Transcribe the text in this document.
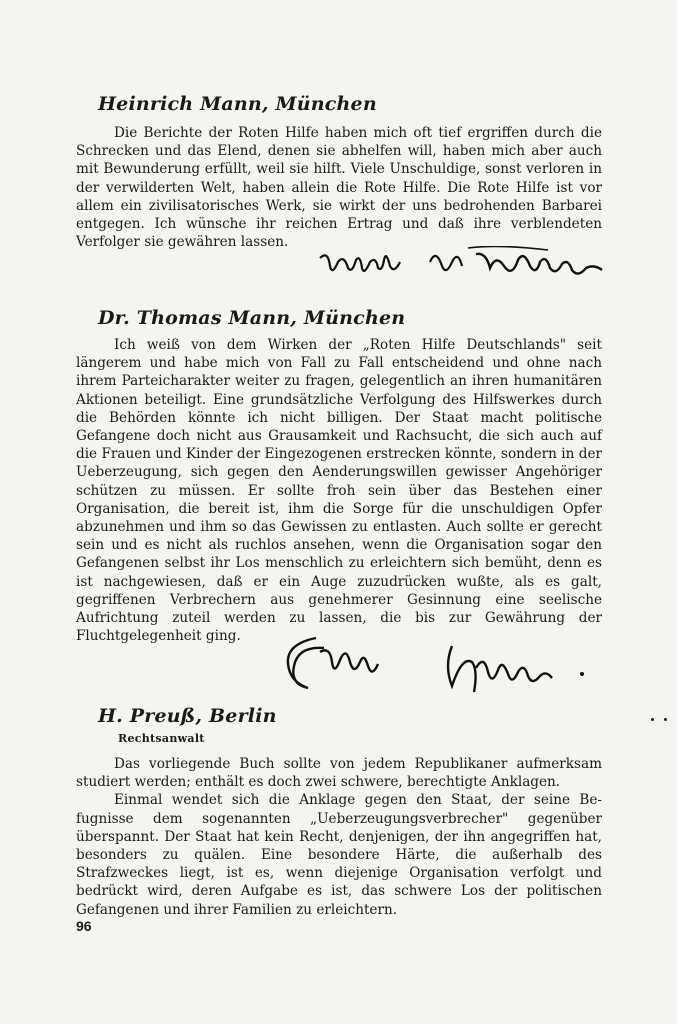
Heinrich Mann, München

Die Berichte der Roten Hilfe haben mich oft tief ergriffen durch die Schrecken und das Elend, denen sie abhelfen will, haben mich aber auch mit Bewunderung erfüllt, weil sie hilft. Viele Unschuldige, sonst verloren in der verwilderten Welt, haben allein die Rote Hilfe. Die Rote Hilfe ist vor allem ein zivilisatorisches Werk, sie wirkt der uns bedrohenden Barbarei entgegen. Ich wünsche ihr reichen Ertrag und daß ihre verblendeten Verfolger sie gewähren lassen.

Dr. Thomas Mann, München

Ich weiß von dem Wirken der „Roten Hilfe Deutschlands" seit längerem und habe mich von Fall zu Fall entscheidend und ohne nach ihrem Parteicharakter weiter zu fragen, gelegentlich an ihren humanitären Aktionen beteiligt. Eine grundsätzliche Verfolgung des Hilfswerkes durch die Behörden könnte ich nicht billigen. Der Staat macht politische Gefangene doch nicht aus Grausamkeit und Rachsucht, die sich auch auf die Frauen und Kinder der Eingezogenen erstrecken könnte, sondern in der Ueberzeugung, sich gegen den Aenderungswillen gewisser Angehöriger schützen zu müssen. Er sollte froh sein über das Bestehen einer Organisation, die bereit ist, ihm die Sorge für die unschuldigen Opfer abzunehmen und ihm so das Gewissen zu entlasten. Auch sollte er gerecht sein und es nicht als ruchlos ansehen, wenn die Organisation sogar den Gefangenen selbst ihr Los menschlich zu erleichtern sich bemüht, denn es ist nachgewiesen, daß er ein Auge zuzudrücken wußte, als es galt, gegriffenen Verbrechern aus genehmerer Gesinnung eine seelische Aufrichtung zuteil werden zu lassen, die bis zur Gewährung der Fluchtgelegenheit ging.

H. Preuß, Berlin
Rechtsanwalt

Das vorliegende Buch sollte von jedem Republikaner aufmerksam studiert werden; enthält es doch zwei schwere, berechtigte Anklagen.

Einmal wendet sich die Anklage gegen den Staat, der seine Befugnisse dem sogenannten „Ueberzeugungsverbrecher" gegenüber überspannt. Der Staat hat kein Recht, denjenigen, der ihn angegriffen hat, besonders zu quälen. Eine besondere Härte, die außerhalb des Strafzweckes liegt, ist es, wenn diejenige Organisation verfolgt und bedrückt wird, deren Aufgabe es ist, das schwere Los der politischen Gefangenen und ihrer Familien zu erleichtern.

96
